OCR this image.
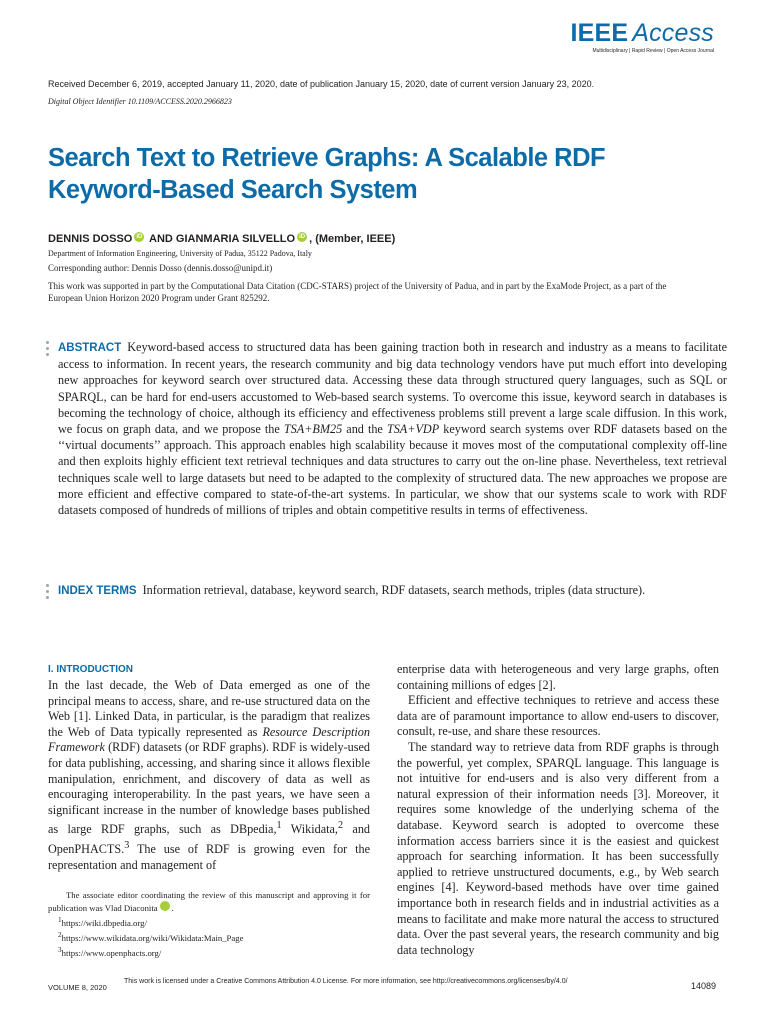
IEEE Access
Multidisciplinary | Rapid Review | Open Access Journal
Received December 6, 2019, accepted January 11, 2020, date of publication January 15, 2020, date of current version January 23, 2020.
Digital Object Identifier 10.1109/ACCESS.2020.2966823
Search Text to Retrieve Graphs: A Scalable RDF
Keyword-Based Search System
DENNIS DOSSO iD AND GIANMARIA SILVELLO iD , (Member, IEEE)
Department of Information Engineering, University of Padua, 35122 Padova, Italy
Corresponding author: Dennis Dosso (dennis.dosso@unipd.it)
This work was supported in part by the Computational Data Citation (CDC-STARS) project of the University of Padua, and in part by the ExaMode Project, as a part of the European Union Horizon 2020 Program under Grant 825292.
ABSTRACT Keyword-based access to structured data has been gaining traction both in research and industry as a means to facilitate access to information. In recent years, the research community and big data technology vendors have put much effort into developing new approaches for keyword search over structured data. Accessing these data through structured query languages, such as SQL or SPARQL, can be hard for end-users accustomed to Web-based search systems. To overcome this issue, keyword search in databases is becoming the technology of choice, although its efficiency and effectiveness problems still prevent a large scale diffusion. In this work, we focus on graph data, and we propose the TSA+BM25 and the TSA+VDP keyword search systems over RDF datasets based on the ‘‘virtual documents’’ approach. This approach enables high scalability because it moves most of the computational complexity off-line and then exploits highly efficient text retrieval techniques and data structures to carry out the on-line phase. Nevertheless, text retrieval techniques scale well to large datasets but need to be adapted to the complexity of structured data. The new approaches we propose are more efficient and effective compared to state-of-the-art systems. In particular, we show that our systems scale to work with RDF datasets composed of hundreds of millions of triples and obtain competitive results in terms of effectiveness.
INDEX TERMS Information retrieval, database, keyword search, RDF datasets, search methods, triples (data structure).
I. INTRODUCTION

In the last decade, the Web of Data emerged as one of the principal means to access, share, and re-use structured data on the Web [1]. Linked Data, in particular, is the paradigm that realizes the Web of Data typically represented as Resource Description Framework (RDF) datasets (or RDF graphs). RDF is widely-used for data publishing, accessing, and sharing since it allows flexible manipulation, enrichment, and discovery of data as well as encouraging interoperability. In the past years, we have seen a significant increase in the number of knowledge bases published as large RDF graphs, such as DBpedia,$^1$ Wikidata,$^2$ and OpenPHACTS.$^3$ The use of RDF is growing even for the representation and management of

enterprise data with heterogeneous and very large graphs, often containing millions of edges [2].

Efficient and effective techniques to retrieve and access these data are of paramount importance to allow end-users to discover, consult, re-use, and share these resources.

The standard way to retrieve data from RDF graphs is through the powerful, yet complex, SPARQL language. This language is not intuitive for end-users and is also very different from a natural expression of their information needs [3]. Moreover, it requires some knowledge of the underlying schema of the database. Keyword search is adopted to overcome these information access barriers since it is the easiest and quickest approach for searching information. It has been successfully applied to retrieve unstructured documents, e.g., by Web search engines [4]. Keyword-based methods have over time gained importance both in research fields and in industrial activities as a means to facilitate and make more natural the access to structured data. Over the past several years, the research community and big data technology

The associate editor coordinating the review of this manuscript and approving it for publication was Vlad Diaconita	iD.
$^1$https://wiki.dbpedia.org/
$^2$https://www.wikidata.org/wiki/Wikidata:Main_Page
$^3$https://www.openphacts.org/
VOLUME 8, 2020
This work is licensed under a Creative Commons Attribution 4.0 License. For more information, see http://creativecommons.org/licenses/by/4.0/	14089
